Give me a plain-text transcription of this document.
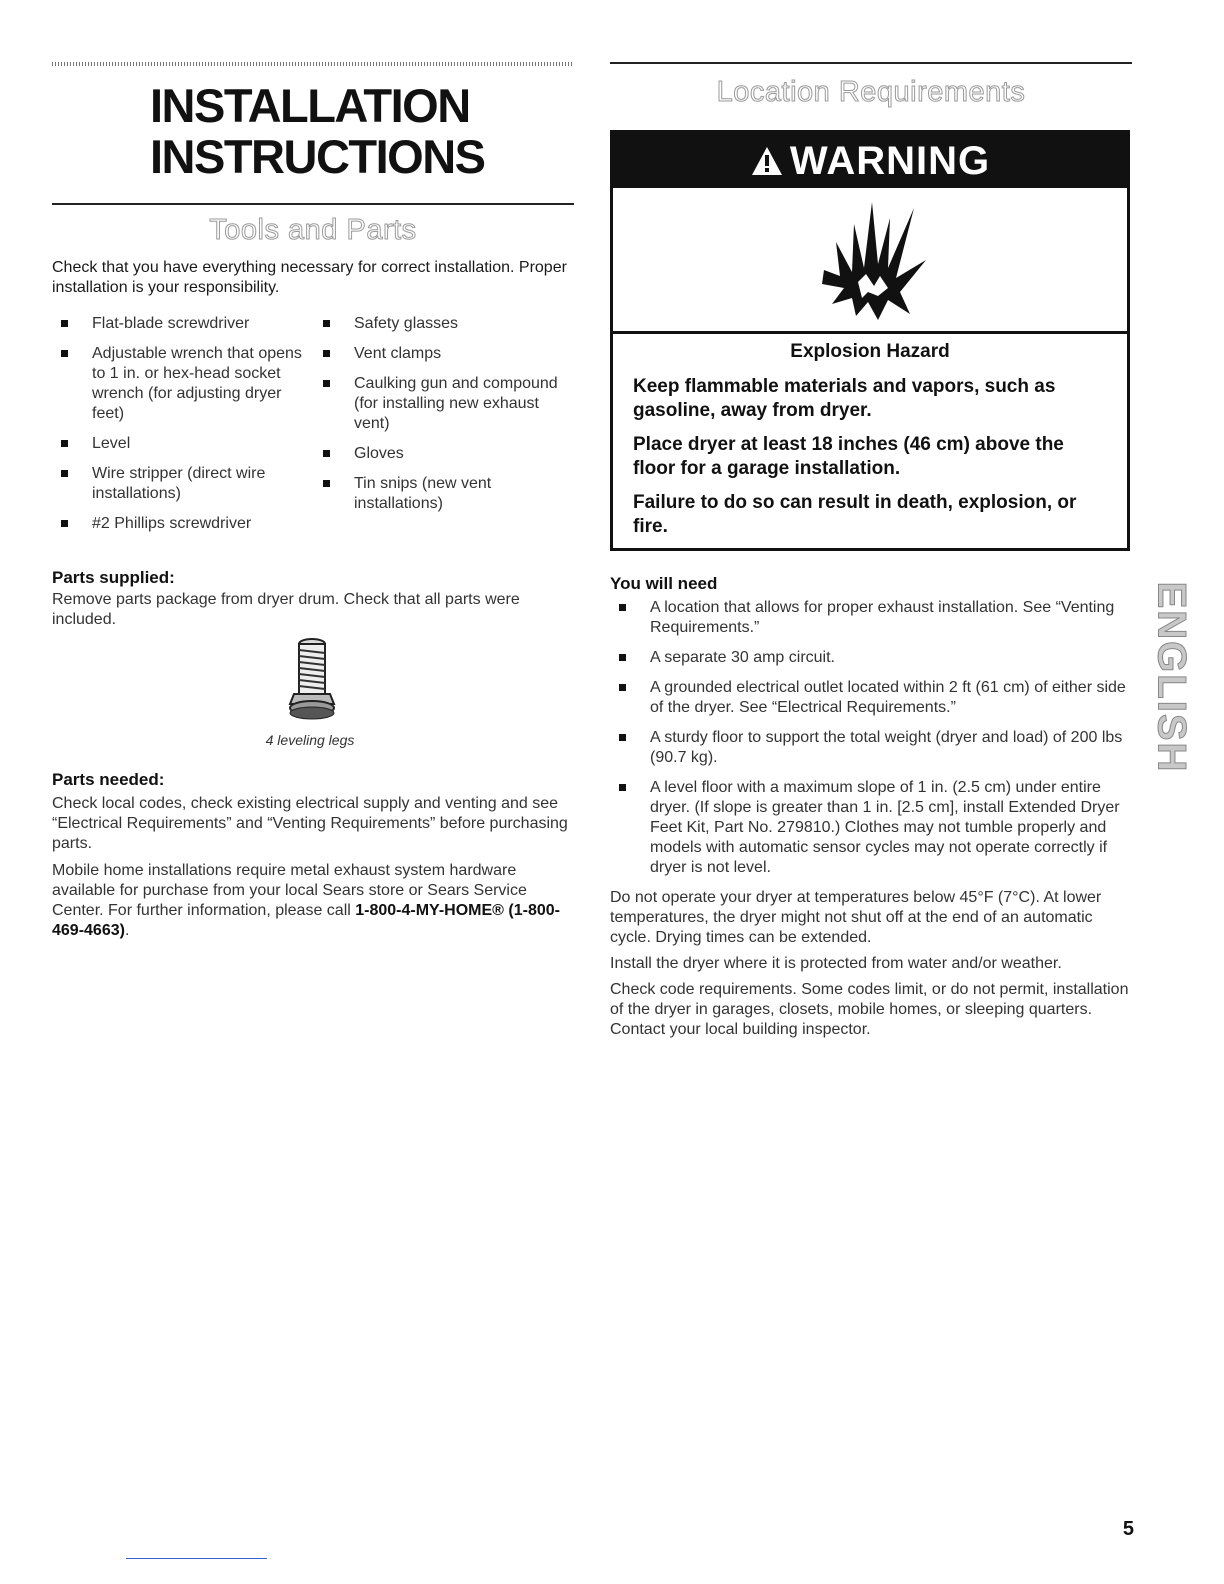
INSTALLATION
INSTRUCTIONS
Tools and Parts

Check that you have everything necessary for correct installation. Proper installation is your responsibility.

Flat-blade screwdriver
Adjustable wrench that opens to 1 in. or hex-head socket wrench (for adjusting dryer feet)
Level
Wire stripper (direct wire installations)
#2 Phillips screwdriver
Safety glasses
Vent clamps
Caulking gun and compound (for installing new exhaust vent)
Gloves
Tin snips (new vent installations)
Parts supplied:

Remove parts package from dryer drum. Check that all parts were included.

4 leveling legs

Parts needed:

Check local codes, check existing electrical supply and venting and see “Electrical Requirements” and “Venting Requirements” before purchasing parts.

Mobile home installations require metal exhaust system hardware available for purchase from your local Sears store or Sears Service Center. For further information, please call 1-800-4-MY-HOME® (1-800-469-4663).

Location Requirements
WARNING

Explosion Hazard

Keep flammable materials and vapors, such as gasoline, away from dryer.

Place dryer at least 18 inches (46 cm) above the floor for a garage installation.

Failure to do so can result in death, explosion, or fire.

You will need
A location that allows for proper exhaust installation. See “Venting Requirements.”
A separate 30 amp circuit.
A grounded electrical outlet located within 2 ft (61 cm) of either side of the dryer. See “Electrical Requirements.”
A sturdy floor to support the total weight (dryer and load) of 200 lbs (90.7 kg).
A level floor with a maximum slope of 1 in. (2.5 cm) under entire dryer. (If slope is greater than 1 in. [2.5 cm], install Extended Dryer Feet Kit, Part No. 279810.) Clothes may not tumble properly and models with automatic sensor cycles may not operate correctly if dryer is not level.

Do not operate your dryer at temperatures below 45°F (7°C). At lower temperatures, the dryer might not shut off at the end of an automatic cycle. Drying times can be extended.

Install the dryer where it is protected from water and/or weather.

Check code requirements. Some codes limit, or do not permit, installation of the dryer in garages, closets, mobile homes, or sleeping quarters. Contact your local building inspector.

ENGLISH

5
